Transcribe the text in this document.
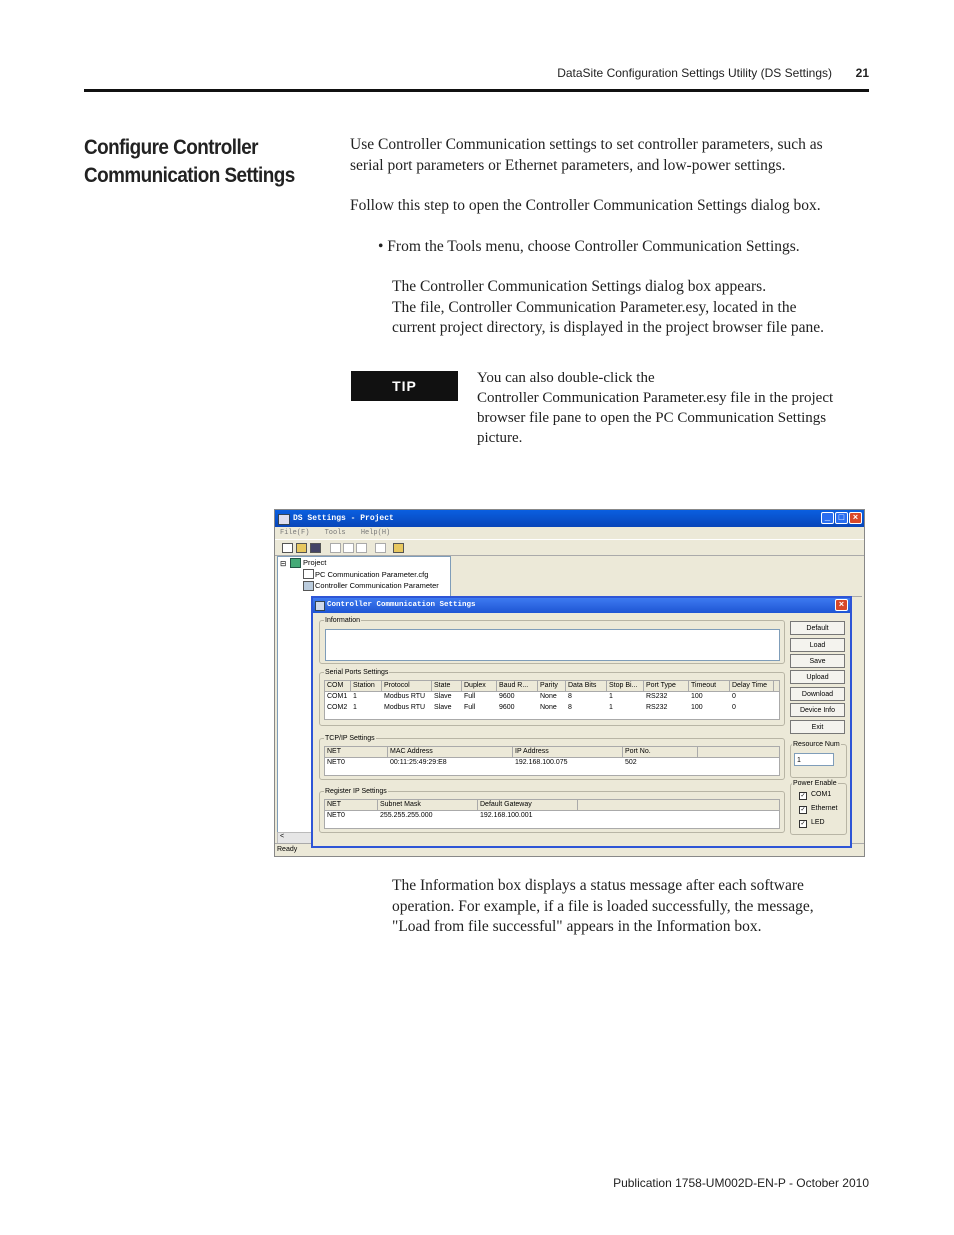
DataSite Configuration Settings Utility (DS Settings) 21
Configure Controller
Communication Settings
Use Controller Communication settings to set controller parameters, such as
serial port parameters or Ethernet parameters, and low-power settings.
Follow this step to open the Controller Communication Settings dialog box.
• From the Tools menu, choose Controller Communication Settings.
The Controller Communication Settings dialog box appears.
The file, Controller Communication Parameter.esy, located in the
current project directory, is displayed in the project browser file pane.
TIP	You can also double-click the
Controller Communication Parameter.esy file in the project
browser file pane to open the PC Communication Settings
picture.
DS Settings - Project	_ □ ×
File(F) Tools Help(H)
⊟ Project
PC Communication Parameter.cfg
Controller Communication Parameter
<
Ready
Controller Communication Settings	×
Information
Serial Ports Settings
COM	Station	Protocol	State	Duplex	Baud R...	Parity	Data Bits	Stop Bi...	Port Type	Timeout	Delay Time
COM1 1	Modbus RTU	Slave	Full	9600	None	8	1	RS232	100	0
COM2 1	Modbus RTU	Slave	Full	9600	None	8	1	RS232	100	0
TCP/IP Settings
NET	MAC Address	IP Address	Port No.
NET0	00:11:25:49:29:E8	192.168.100.075	502
Register IP Settings
NET	Subnet Mask	Default Gateway
NET0	255.255.255.000	192.168.100.001
Default
Load
Save
Upload
Download
Device Info
Exit
Resource Num
1
Power Enable
✓ COM1
✓ Ethernet
✓ LED
The Information box displays a status message after each software
operation. For example, if a file is loaded successfully, the message,
"Load from file successful" appears in the Information box.
Publication 1758-UM002D-EN-P - October 2010
